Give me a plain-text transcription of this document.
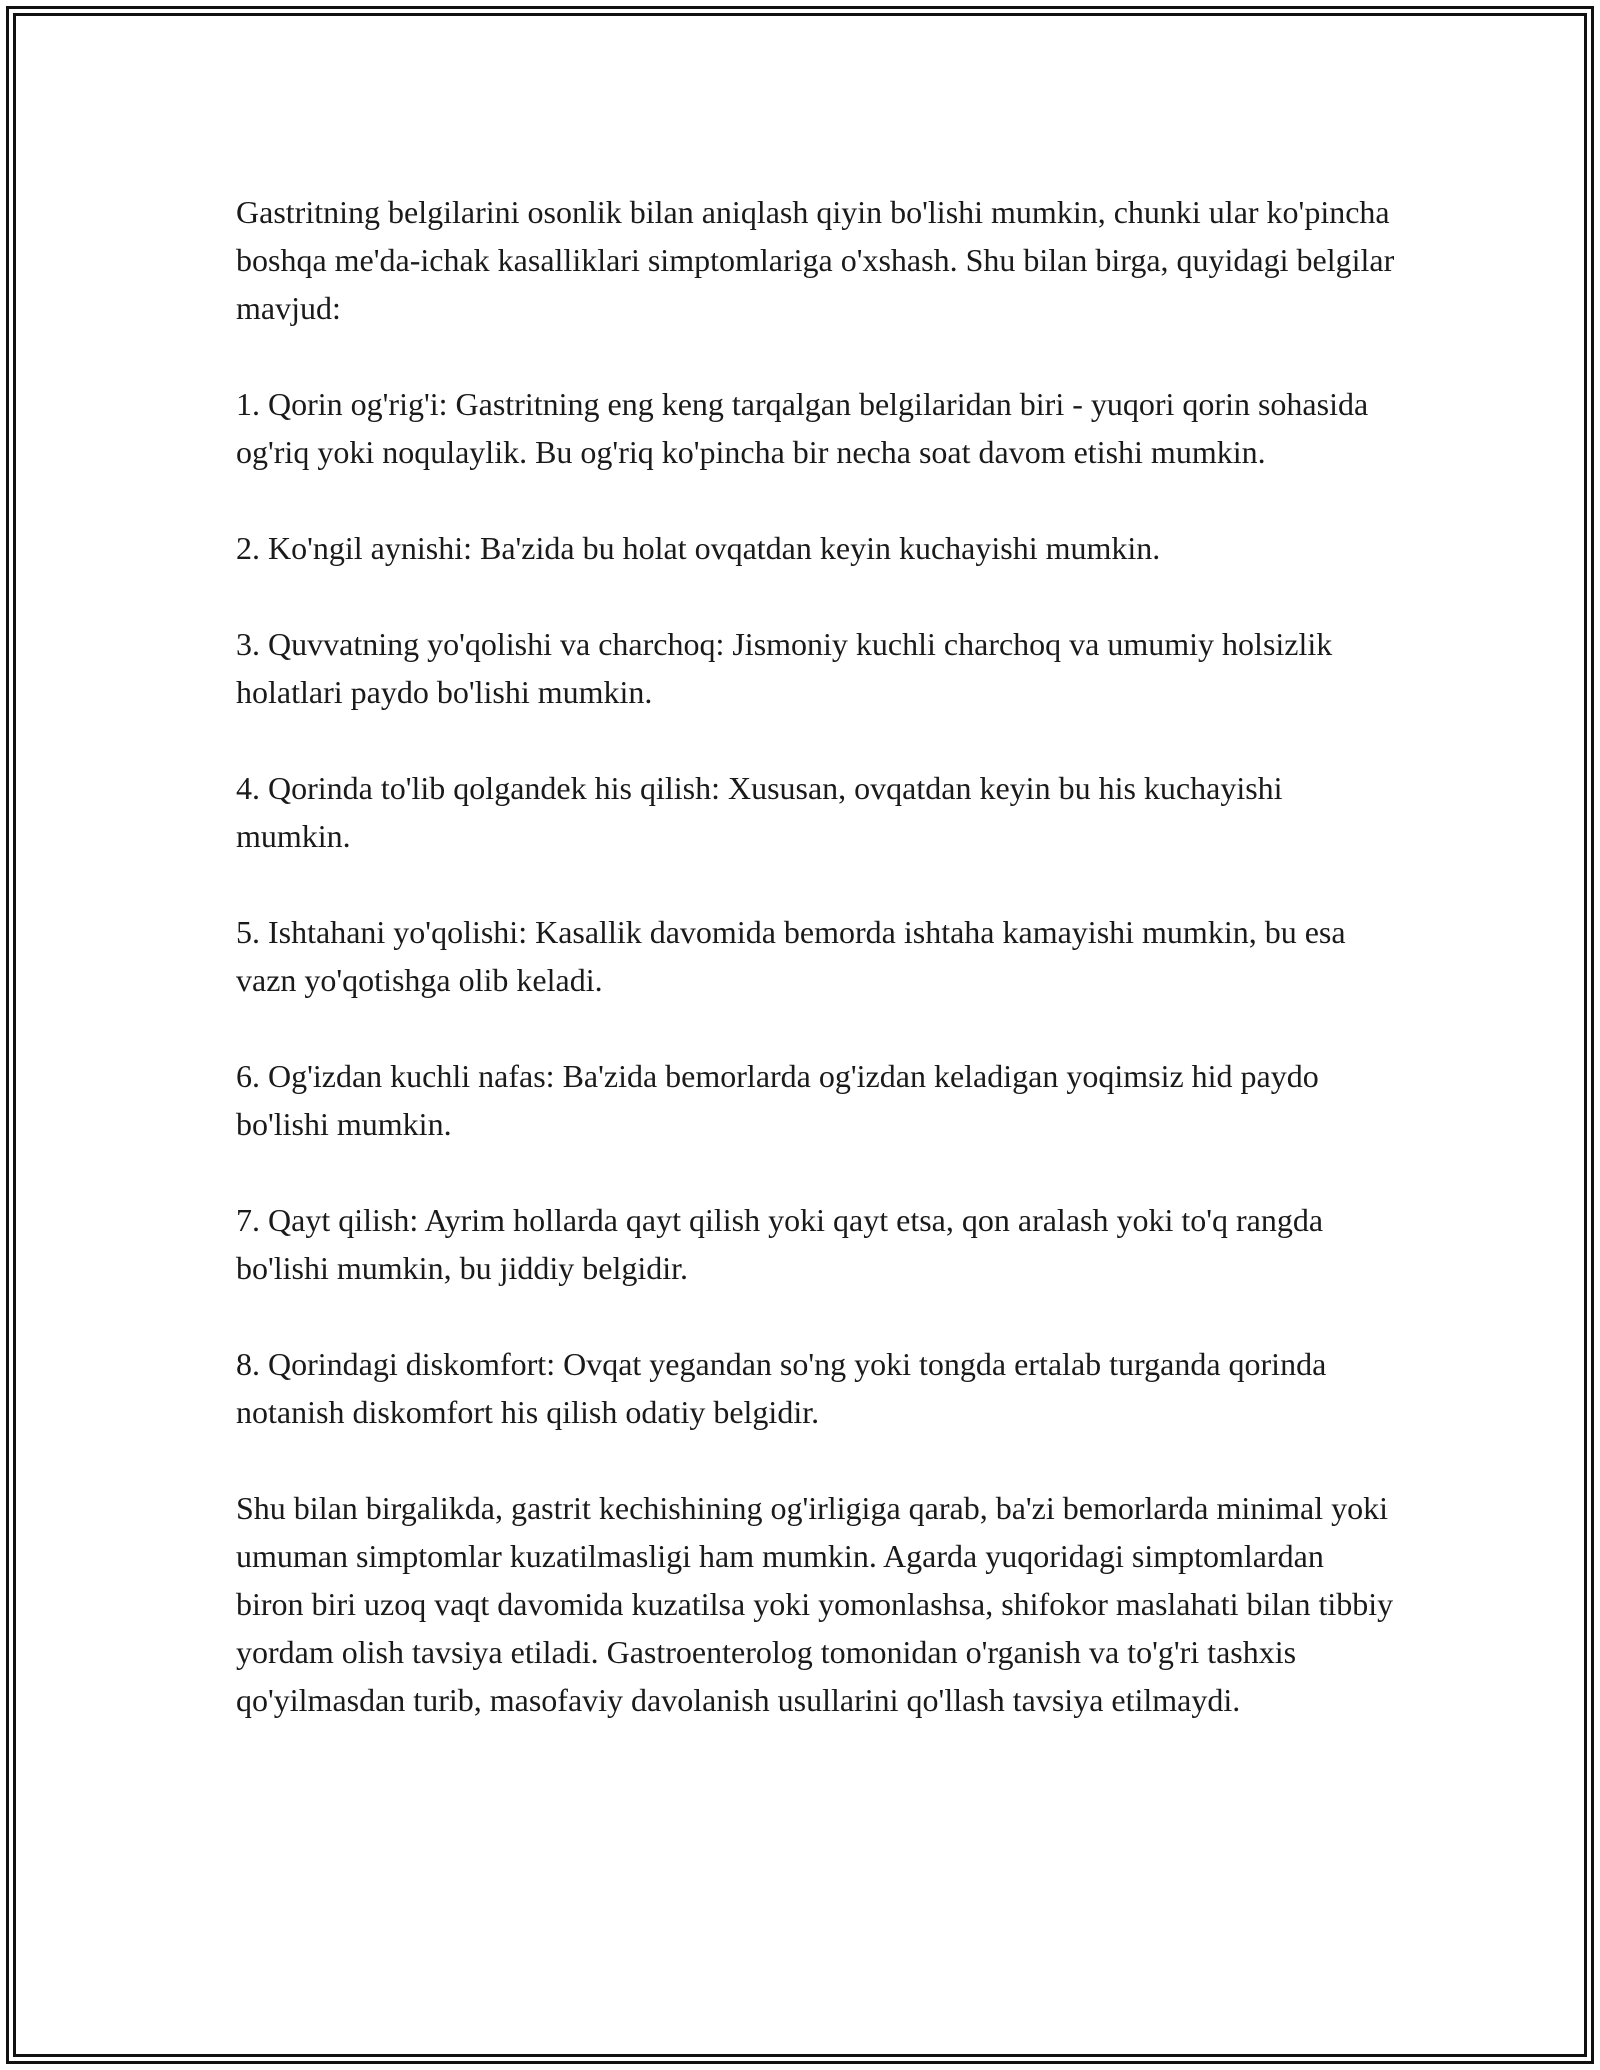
Gastritning belgilarini osonlik bilan aniqlash qiyin bo'lishi mumkin, chunki ular ko'pincha boshqa me'da-ichak kasalliklari simptomlariga o'xshash. Shu bilan birga, quyidagi belgilar mavjud:

1. Qorin og'rig'i: Gastritning eng keng tarqalgan belgilaridan biri - yuqori qorin sohasida og'riq yoki noqulaylik. Bu og'riq ko'pincha bir necha soat davom etishi mumkin.

2. Ko'ngil aynishi: Ba'zida bu holat ovqatdan keyin kuchayishi mumkin.

3. Quvvatning yo'qolishi va charchoq: Jismoniy kuchli charchoq va umumiy holsizlik holatlari paydo bo'lishi mumkin.

4. Qorinda to'lib qolgandek his qilish: Xususan, ovqatdan keyin bu his kuchayishi mumkin.

5. Ishtahani yo'qolishi: Kasallik davomida bemorda ishtaha kamayishi mumkin, bu esa vazn yo'qotishga olib keladi.

6. Og'izdan kuchli nafas: Ba'zida bemorlarda og'izdan keladigan yoqimsiz hid paydo bo'lishi mumkin.

7. Qayt qilish: Ayrim hollarda qayt qilish yoki qayt etsa, qon aralash yoki to'q rangda bo'lishi mumkin, bu jiddiy belgidir.

8. Qorindagi diskomfort: Ovqat yegandan so'ng yoki tongda ertalab turganda qorinda notanish diskomfort his qilish odatiy belgidir.

Shu bilan birgalikda, gastrit kechishining og'irligiga qarab, ba'zi bemorlarda minimal yoki umuman simptomlar kuzatilmasligi ham mumkin. Agarda yuqoridagi simptomlardan biron biri uzoq vaqt davomida kuzatilsa yoki yomonlashsa, shifokor maslahati bilan tibbiy yordam olish tavsiya etiladi. Gastroenterolog tomonidan o'rganish va to'g'ri tashxis qo'yilmasdan turib, masofaviy davolanish usullarini qo'llash tavsiya etilmaydi.
